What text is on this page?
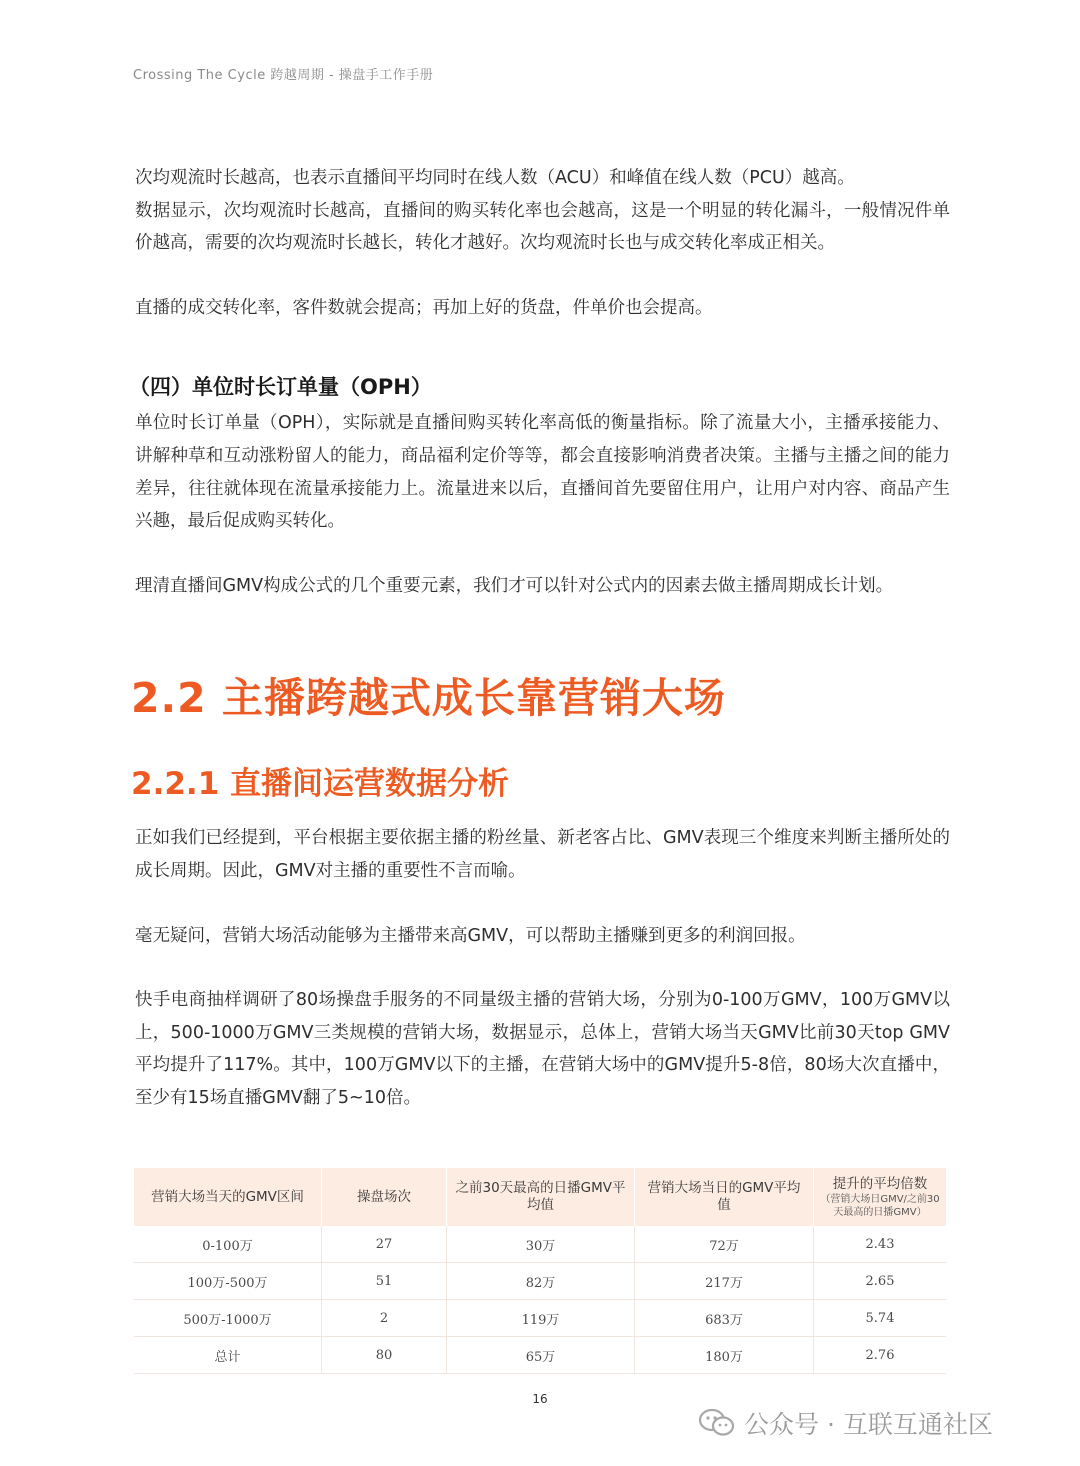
Crossing The Cycle 跨越周期 - 操盘手工作手册

次均观流时长越高，也表示直播间平均同时在线人数（ACU）和峰值在线人数（PCU）越高。
数据显示，次均观流时长越高，直播间的购买转化率也会越高，这是一个明显的转化漏斗，一般情况件单价越高，需要的次均观流时长越长，转化才越好。次均观流时长也与成交转化率成正相关。

直播的成交转化率，客件数就会提高；再加上好的货盘，件单价也会提高。

（四）单位时长订单量（OPH）

单位时长订单量（OPH），实际就是直播间购买转化率高低的衡量指标。除了流量大小，主播承接能力、讲解种草和互动涨粉留人的能力，商品福利定价等等，都会直接影响消费者决策。主播与主播之间的能力差异，往往就体现在流量承接能力上。流量进来以后，直播间首先要留住用户，让用户对内容、商品产生兴趣，最后促成购买转化。

理清直播间GMV构成公式的几个重要元素，我们才可以针对公式内的因素去做主播周期成长计划。

2.2 主播跨越式成长靠营销大场
2.2.1 直播间运营数据分析

正如我们已经提到，平台根据主要依据主播的粉丝量、新老客占比、GMV表现三个维度来判断主播所处的成长周期。因此，GMV对主播的重要性不言而喻。

毫无疑问，营销大场活动能够为主播带来高GMV，可以帮助主播赚到更多的利润回报。

快手电商抽样调研了80场操盘手服务的不同量级主播的营销大场，分别为0-100万GMV，100万GMV以上，500-1000万GMV三类规模的营销大场，数据显示，总体上，营销大场当天GMV比前30天top GMV平均提升了117%。其中，100万GMV以下的主播，在营销大场中的GMV提升5-8倍，80场大次直播中，至少有15场直播GMV翻了5~10倍。

营销大场当天的GMV区间	操盘场次	之前30天最高的日播GMV平均值	营销大场当日的GMV平均值	提升的平均倍数
（营销大场日GMV/之前30天最高的日播GMV）

0-100万	27	30万	72万	2.43
100万-500万	51	82万	217万	2.65
500万-1000万	2	119万	683万	5.74
总计	80	65万	180万	2.76
16
公众号 · 互联互通社区
